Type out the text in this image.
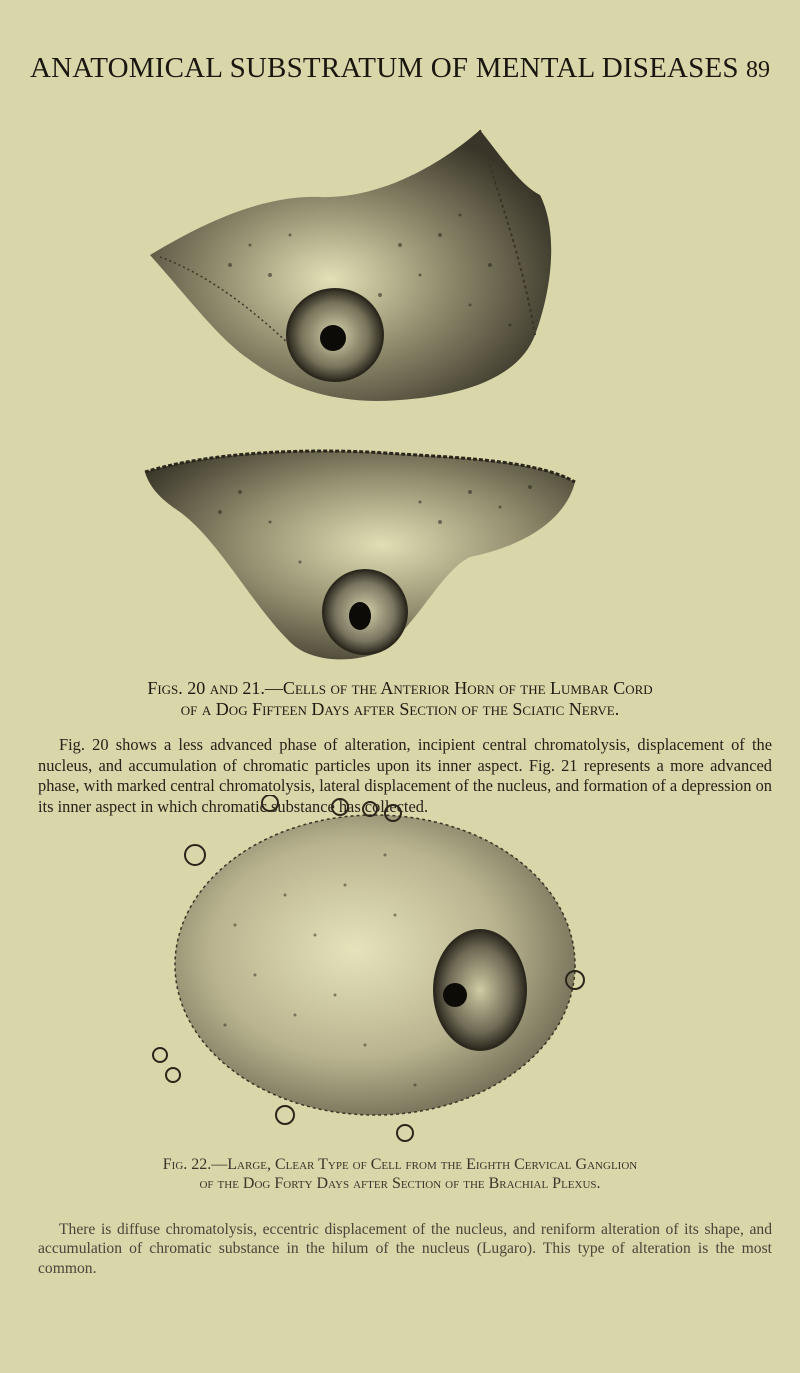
ANATOMICAL SUBSTRATUM OF MENTAL DISEASES 89
Figs. 20 and 21.—Cells of the Anterior Horn of the Lumbar Cord
of a Dog Fifteen Days after Section of the Sciatic Nerve.

Fig. 20 shows a less advanced phase of alteration, incipient central chromatolysis, displacement of the nucleus, and accumulation of chromatic particles upon its inner aspect. Fig. 21 represents a more advanced phase, with marked central chromatolysis, lateral displacement of the nucleus, and formation of a depression on its inner aspect in which chromatic substance has collected.

Fig. 22.—Large, Clear Type of Cell from the Eighth Cervical Ganglion
of the Dog Forty Days after Section of the Brachial Plexus.

There is diffuse chromatolysis, eccentric displacement of the nucleus, and reniform alteration of its shape, and accumulation of chromatic substance in the hilum of the nucleus (Lugaro). This type of alteration is the most common.
